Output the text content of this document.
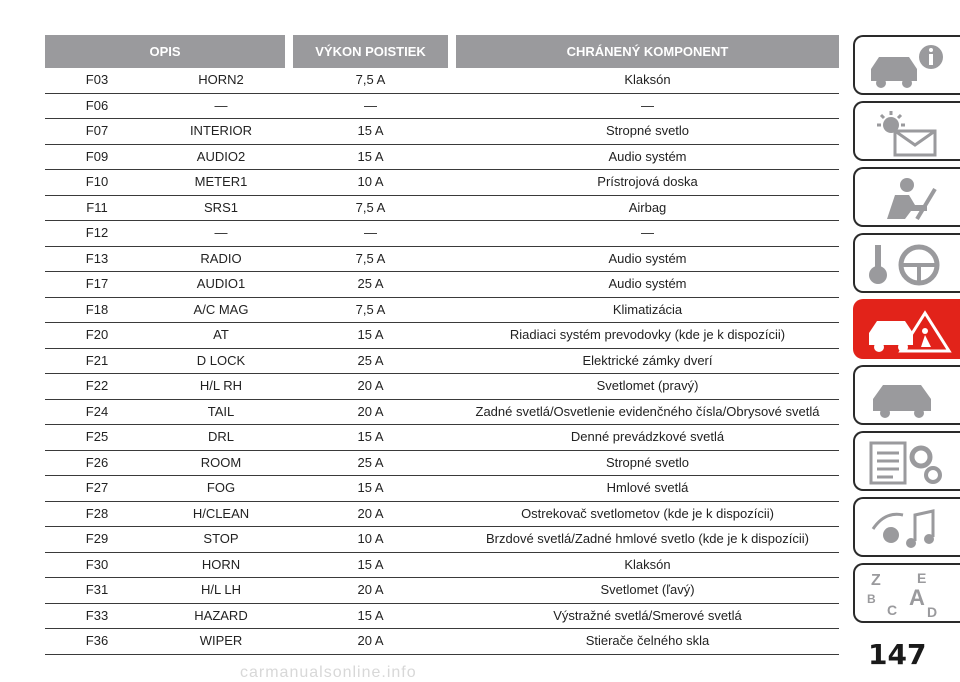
OPIS	VÝKON POISTIEK	CHRÁNENÝ KOMPONENT
F03	HORN2	7,5 A	Klaksón
F06	—	—	—
F07	INTERIOR	15 A	Stropné svetlo
F09	AUDIO2	15 A	Audio systém
F10	METER1	10 A	Prístrojová doska
F11	SRS1	7,5 A	Airbag
F12	—	—	—
F13	RADIO	7,5 A	Audio systém
F17	AUDIO1	25 A	Audio systém
F18	A/C MAG	7,5 A	Klimatizácia
F20	AT	15 A	Riadiaci systém prevodovky (kde je k dispozícii)
F21	D LOCK	25 A	Elektrické zámky dverí
F22	H/L RH	20 A	Svetlomet (pravý)
F24	TAIL	20 A	Zadné svetlá/Osvetlenie evidenčného čísla/Obrysové svetlá
F25	DRL	15 A	Denné prevádzkové svetlá
F26	ROOM	25 A	Stropné svetlo
F27	FOG	15 A	Hmlové svetlá
F28	H/CLEAN	20 A	Ostrekovač svetlometov (kde je k dispozícii)
F29	STOP	10 A	Brzdové svetlá/Zadné hmlové svetlo (kde je k dispozícii)
F30	HORN	15 A	Klaksón
F31	H/L LH	20 A	Svetlomet (ľavý)
F33	HAZARD	15 A	Výstražné svetlá/Smerové svetlá
F36	WIPER	20 A	Stierače čelného skla
Z	E
B A
C D
147
carmanualsonline.info
